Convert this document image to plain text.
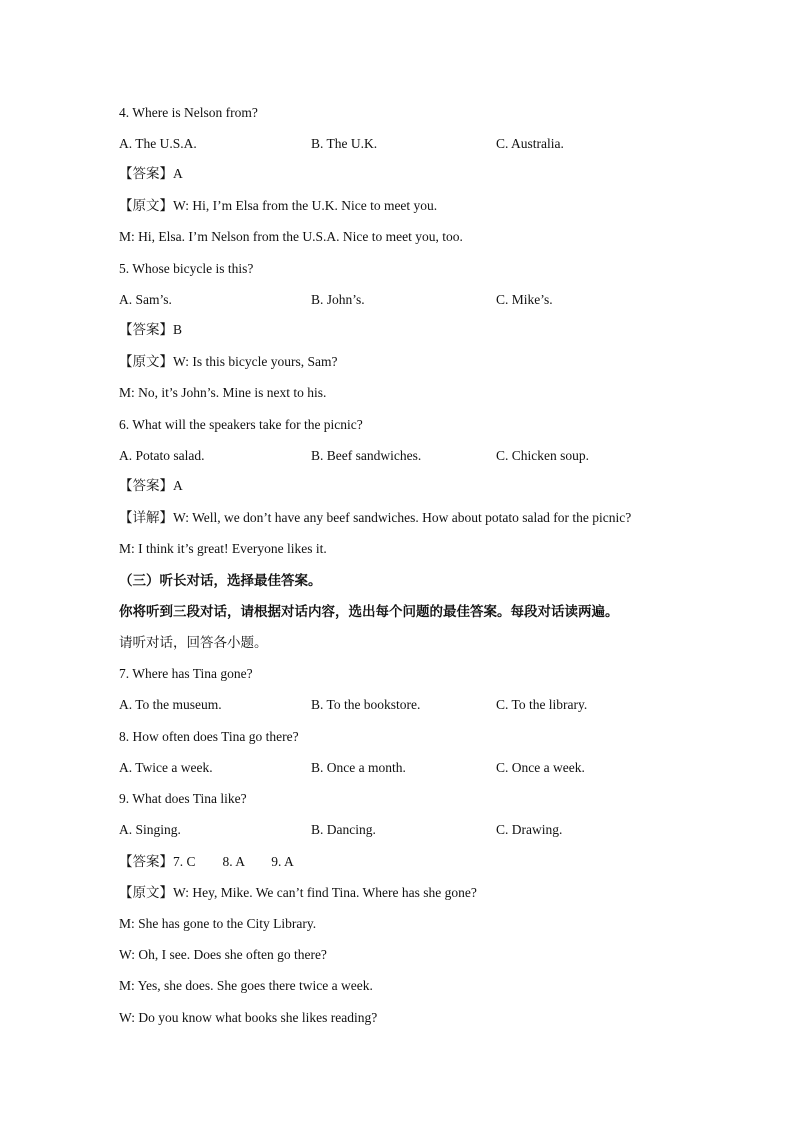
4. Where is Nelson from?
A. The U.S.A.	B. The U.K.	C. Australia.
【答案】A
【原文】W: Hi, I’m Elsa from the U.K. Nice to meet you.
M: Hi, Elsa. I’m Nelson from the U.S.A. Nice to meet you, too.
5. Whose bicycle is this?
A. Sam’s.	B. John’s.	C. Mike’s.
【答案】B
【原文】W: Is this bicycle yours, Sam?
M: No, it’s John’s. Mine is next to his.
6. What will the speakers take for the picnic?
A. Potato salad.	B. Beef sandwiches.	C. Chicken soup.
【答案】A
【详解】W: Well, we don’t have any beef sandwiches. How about potato salad for the picnic?
M: I think it’s great! Everyone likes it.
（三）听长对话，选择最佳答案。
你将听到三段对话，请根据对话内容，选出每个问题的最佳答案。每段对话读两遍。
请听对话，回答各小题。
7. Where has Tina gone?
A. To the museum.	B. To the bookstore.	C. To the library.
8. How often does Tina go there?
A. Twice a week.	B. Once a month.	C. Once a week.
9. What does Tina like?
A. Singing.	B. Dancing.	C. Drawing.
【答案】7. C        8. A        9. A
【原文】W: Hey, Mike. We can’t find Tina. Where has she gone?
M: She has gone to the City Library.
W: Oh, I see. Does she often go there?
M: Yes, she does. She goes there twice a week.
W: Do you know what books she likes reading?
